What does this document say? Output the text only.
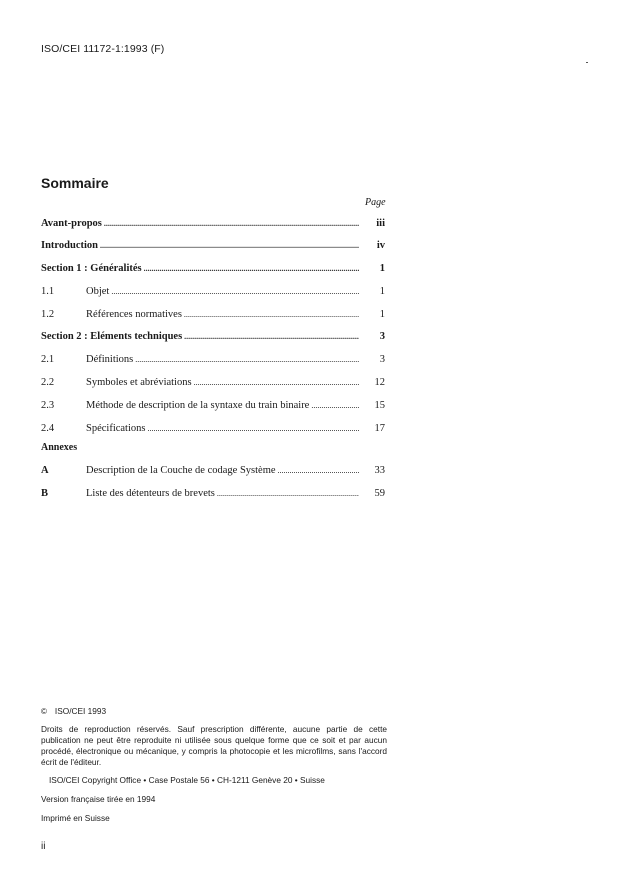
ISO/CEI 11172-1:1993 (F)
Sommaire
Page
Avant-propos .....	iii
Introduction .....	iv
Section 1 : Généralités .....	1
1.1	Objet .....	1
1.2	Références normatives .....	1
Section 2 : Eléments techniques .....	3
2.1	Définitions .....	3
2.2	Symboles et abréviations .....	12
2.3	Méthode de description de la syntaxe du train binaire .....	15
2.4	Spécifications .....	17
Annexes
A	Description de la Couche de codage Système .....	33
B	Liste des détenteurs de brevets .....	59

© ISO/CEI 1993

Droits de reproduction réservés. Sauf prescription différente, aucune partie de cette publication ne peut être reproduite ni utilisée sous quelque forme que ce soit et par aucun procédé, électronique ou mécanique, y compris la photocopie et les microfilms, sans l'accord écrit de l'éditeur.

ISO/CEI Copyright Office • Case Postale 56 • CH-1211 Genève 20 • Suisse

Version française tirée en 1994

Imprimé en Suisse

ii
